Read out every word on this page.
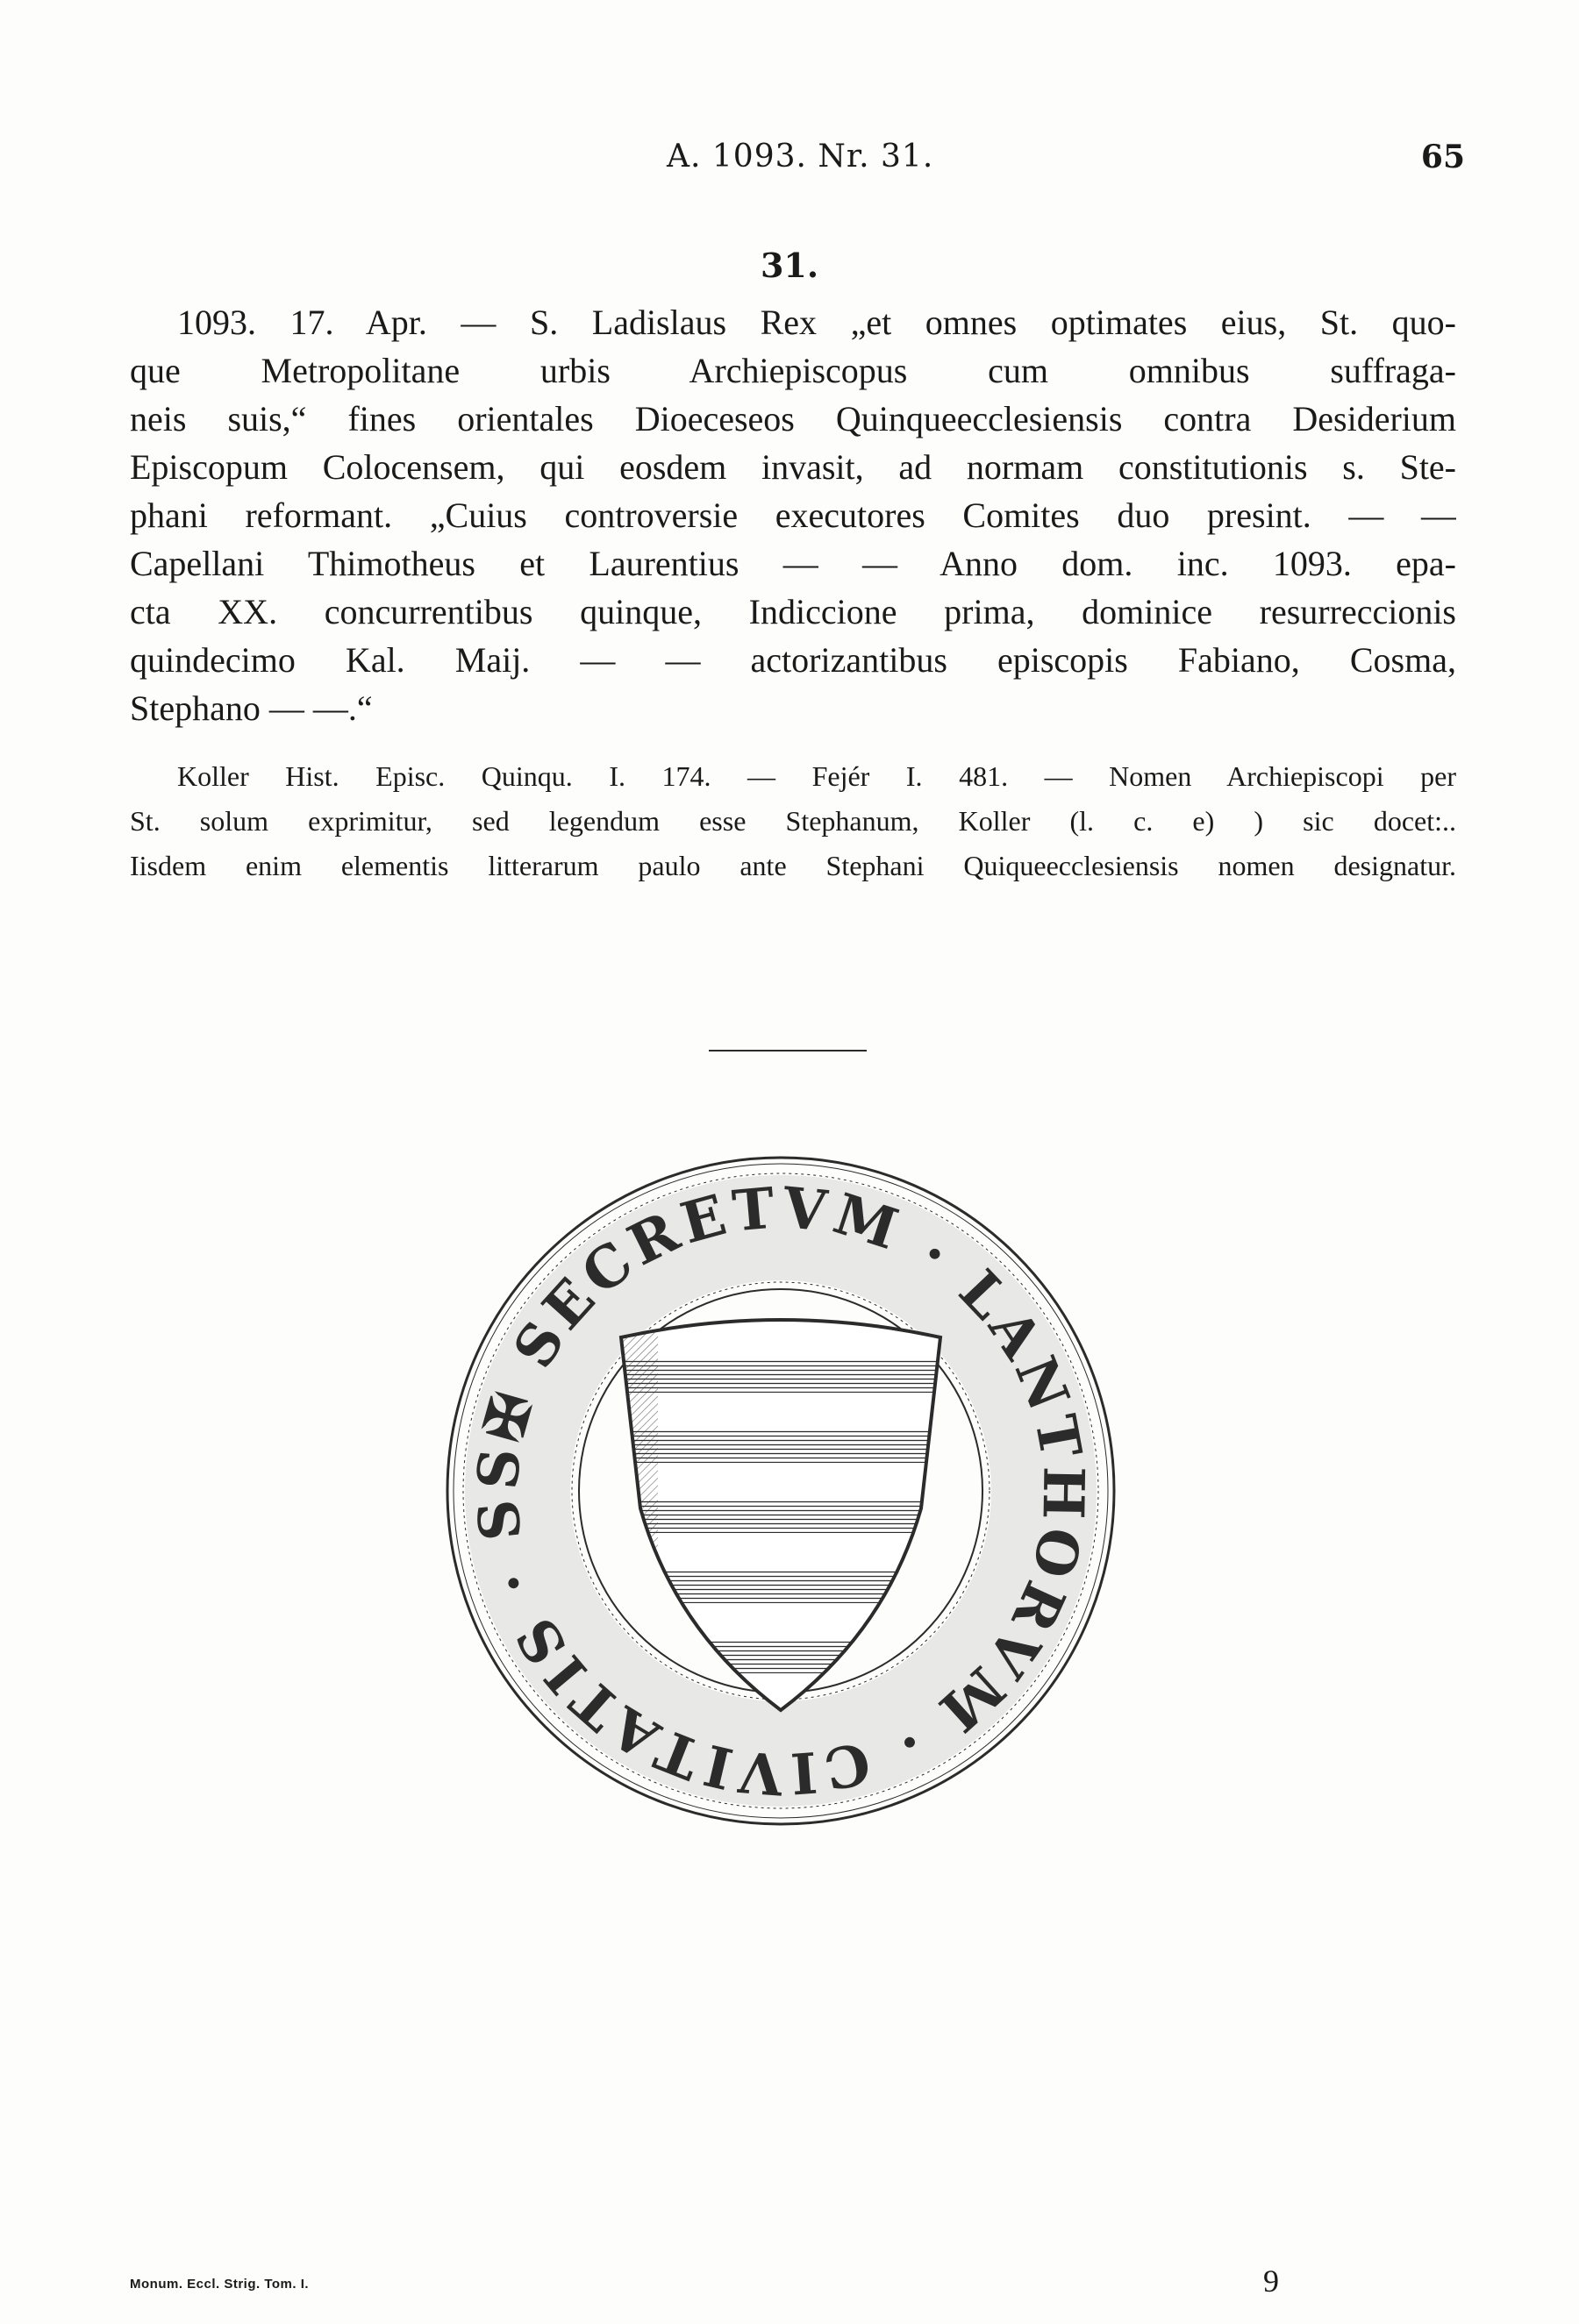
A. 1093. Nr. 31.	65
31.
1093. 17. Apr. — S. Ladislaus Rex „et omnes optimates eius, St. quo-
que Metropolitane urbis Archiepiscopus cum omnibus suffraga-
neis suis,“ fines orientales Dioeceseos Quinqueecclesiensis contra Desiderium
Episcopum Colocensem, qui eosdem invasit, ad normam constitutionis s. Ste-
phani reformant. „Cuius controversie executores Comites duo presint. — —
Capellani Thimotheus et Laurentius — — Anno dom. inc. 1093. epa-
cta XX. concurrentibus quinque, Indiccione prima, dominice resurreccionis
quindecimo Kal. Maij. — — actorizantibus episcopis Fabiano, Cosma,
Stephano — —.“
Koller Hist. Episc. Quinqu. I. 174. — Fejér I. 481. — Nomen Archiepiscopi per
St. solum exprimitur, sed legendum esse Stephanum, Koller (l. c. e) ) sic docet:..
Iisdem enim elementis litterarum paulo ante Stephani Quiqueecclesiensis nomen designatur.
S✠ SECRETVM · LANTHORVM · CIVITATIS · S
Monum. Eccl. Strig. Tom. I.	9
